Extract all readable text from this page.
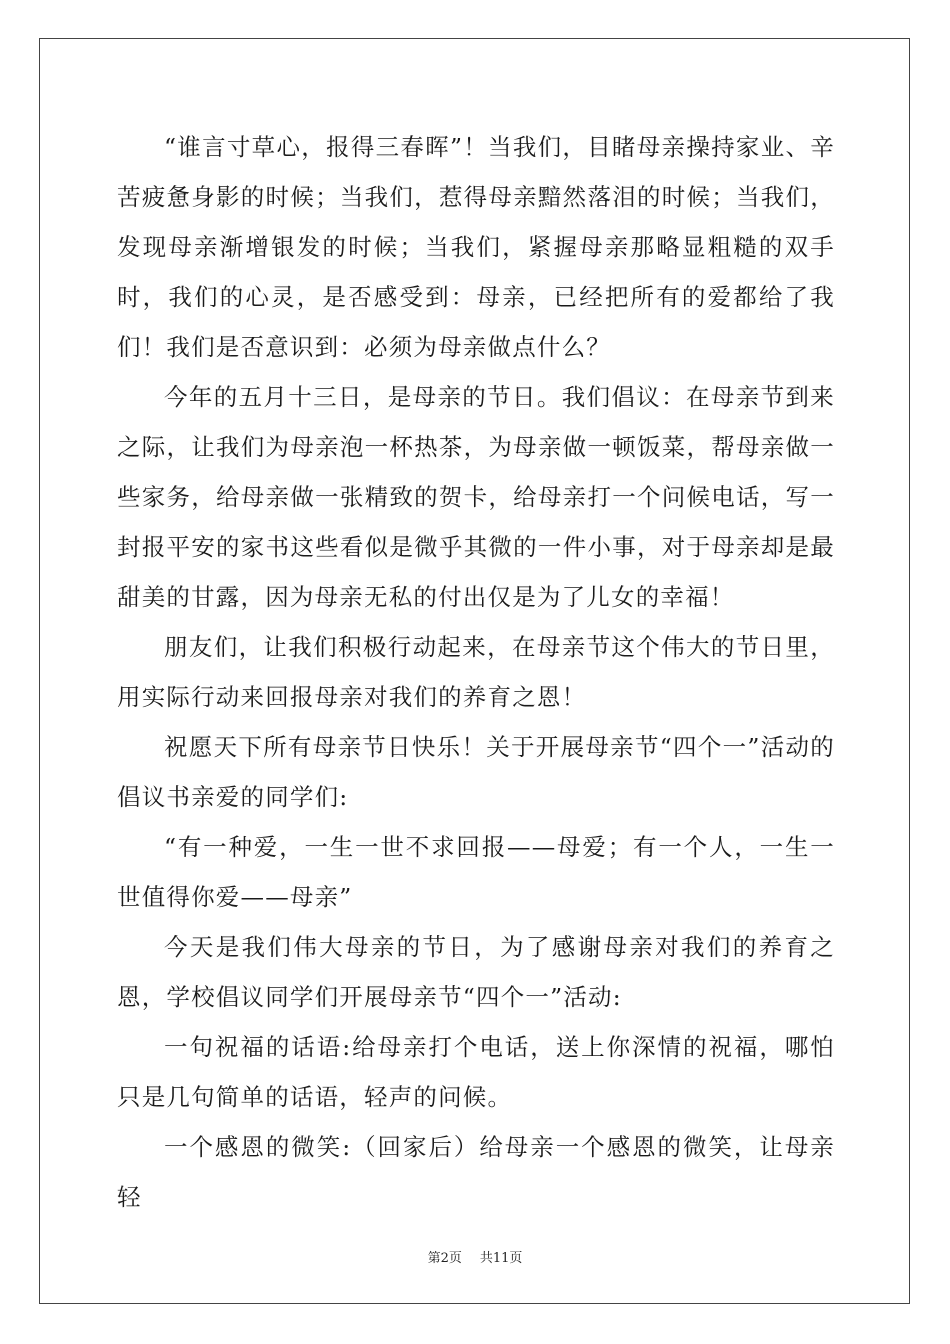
“谁言寸草心，报得三春晖”！当我们，目睹母亲操持家业、辛苦疲惫身影的时候；当我们，惹得母亲黯然落泪的时候；当我们，发现母亲渐增银发的时候；当我们，紧握母亲那略显粗糙的双手时，我们的心灵，是否感受到：母亲，已经把所有的爱都给了我们！我们是否意识到：必须为母亲做点什么？

今年的五月十三日，是母亲的节日。我们倡议：在母亲节到来之际，让我们为母亲泡一杯热茶，为母亲做一顿饭菜，帮母亲做一些家务，给母亲做一张精致的贺卡，给母亲打一个问候电话，写一封报平安的家书这些看似是微乎其微的一件小事，对于母亲却是最甜美的甘露，因为母亲无私的付出仅是为了儿女的幸福！

朋友们，让我们积极行动起来，在母亲节这个伟大的节日里，用实际行动来回报母亲对我们的养育之恩！

祝愿天下所有母亲节日快乐！关于开展母亲节“四个一”活动的倡议书亲爱的同学们:

“有一种爱，一生一世不求回报——母爱；有一个人，一生一世值得你爱——母亲”

今天是我们伟大母亲的节日，为了感谢母亲对我们的养育之恩，学校倡议同学们开展母亲节“四个一”活动:

一句祝福的话语:给母亲打个电话，送上你深情的祝福，哪怕只是几句简单的话语，轻声的问候。

一个感恩的微笑:（回家后）给母亲一个感恩的微笑，让母亲轻

第2页 共11页
